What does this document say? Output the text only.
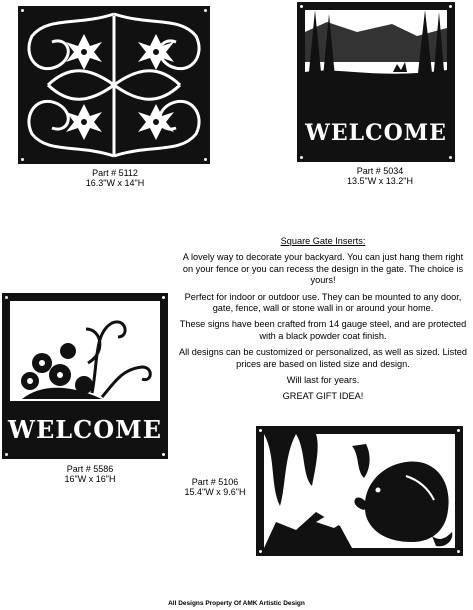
Part # 5112
16.3"W x 14"H
WELCOME
Part # 5034
13.5"W x 13.2"H
Square Gate Inserts:

A lovely way to decorate your backyard. You can just hang them right on your fence or you can recess the design in the gate. The choice is yours!

Perfect for indoor or outdoor use. They can be mounted to any door, gate, fence, wall or stone wall in or around your home.

These signs have been crafted from 14 gauge steel, and are protected with a black powder coat finish.

All designs can be customized or personalized, as well as sized. Listed prices are based on listed size and design.

Will last for years.

GREAT GIFT IDEA!

WELCOME
Part # 5586
16"W x 16"H	Part # 5106
15.4"W x 9.6"H
All Designs Property Of AMK Artistic Design
